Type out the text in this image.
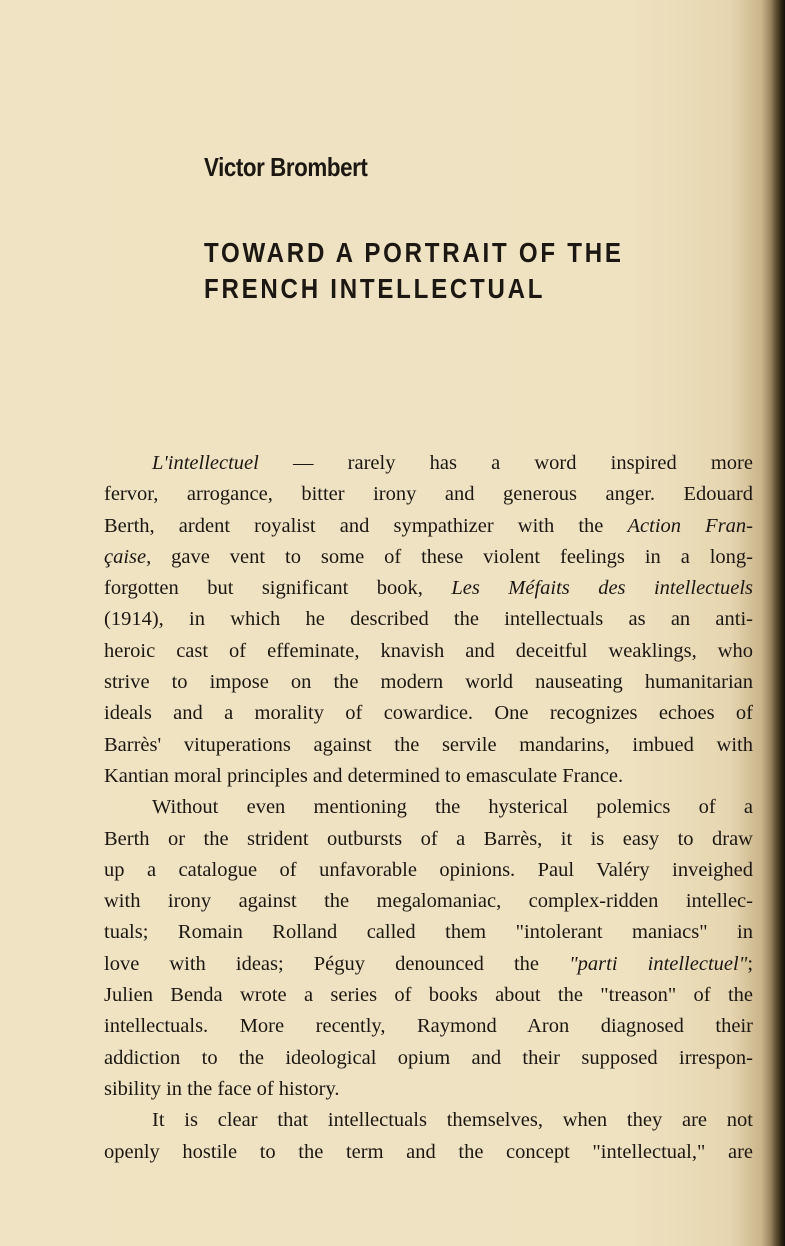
Victor Brombert
TOWARD A PORTRAIT OF THE
FRENCH INTELLECTUAL
L'intellectuel — rarely has a word inspired more
fervor, arrogance, bitter irony and generous anger. Edouard
Berth, ardent royalist and sympathizer with the Action Fran-
çaise, gave vent to some of these violent feelings in a long-
forgotten but significant book, Les Méfaits des intellectuels
(1914), in which he described the intellectuals as an anti-
heroic cast of effeminate, knavish and deceitful weaklings, who
strive to impose on the modern world nauseating humanitarian
ideals and a morality of cowardice. One recognizes echoes of
Barrès' vituperations against the servile mandarins, imbued with
Kantian moral principles and determined to emasculate France.
Without even mentioning the hysterical polemics of a
Berth or the strident outbursts of a Barrès, it is easy to draw
up a catalogue of unfavorable opinions. Paul Valéry inveighed
with irony against the megalomaniac, complex-ridden intellec-
tuals; Romain Rolland called them "intolerant maniacs" in
love with ideas; Péguy denounced the "parti intellectuel";
Julien Benda wrote a series of books about the "treason" of the
intellectuals. More recently, Raymond Aron diagnosed their
addiction to the ideological opium and their supposed irrespon-
sibility in the face of history.
It is clear that intellectuals themselves, when they are not
openly hostile to the term and the concept "intellectual," are
